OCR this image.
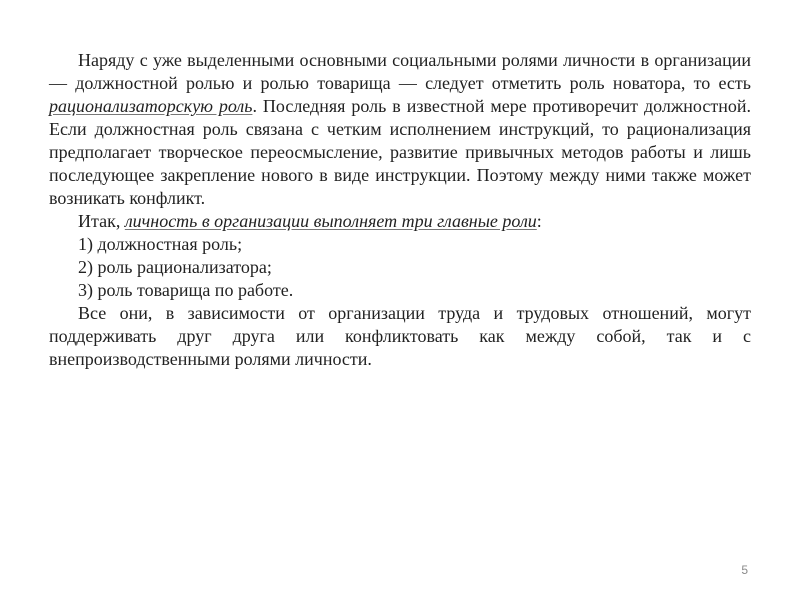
Наряду с уже выделенными основными социальными ролями личности в организации — должностной ролью и ролью товарища — следует отметить роль новатора, то есть рационализаторскую роль. Последняя роль в известной мере противоречит должностной. Если должностная роль связана с четким исполнением инструкций, то рационализация предполагает творческое переосмысление, развитие привычных методов работы и лишь последующее закрепление нового в виде инструкции. Поэтому между ними также может возникать конфликт.

Итак, личность в организации выполняет три главные роли:

1) должностная роль;

2) роль рационализатора;

3) роль товарища по работе.

Все они, в зависимости от организации труда и трудовых отношений, могут поддерживать друг друга или конфликтовать как между собой, так и с внепроизводственными ролями личности.

5
